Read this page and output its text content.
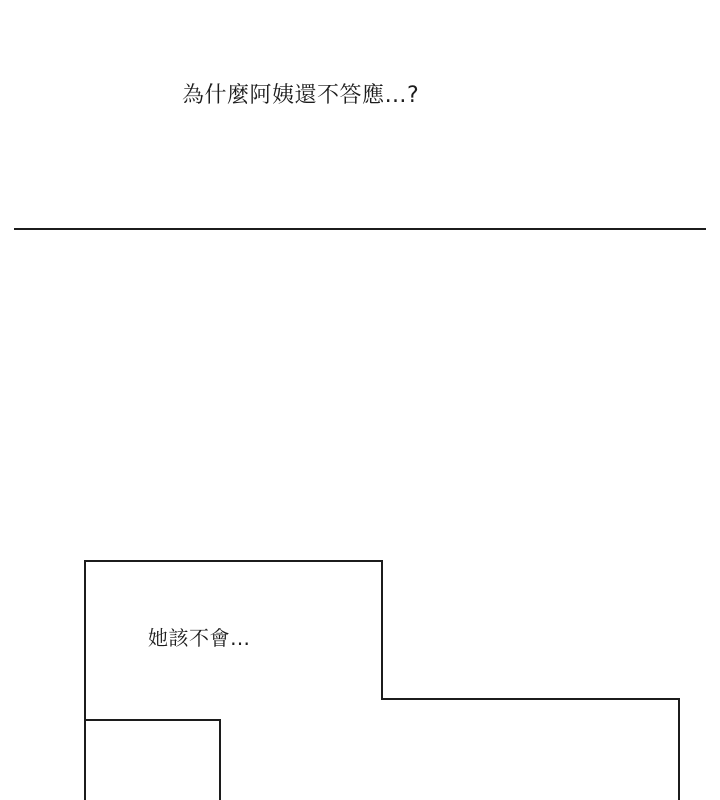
為什麼阿姨還不答應…?
她該不會…
